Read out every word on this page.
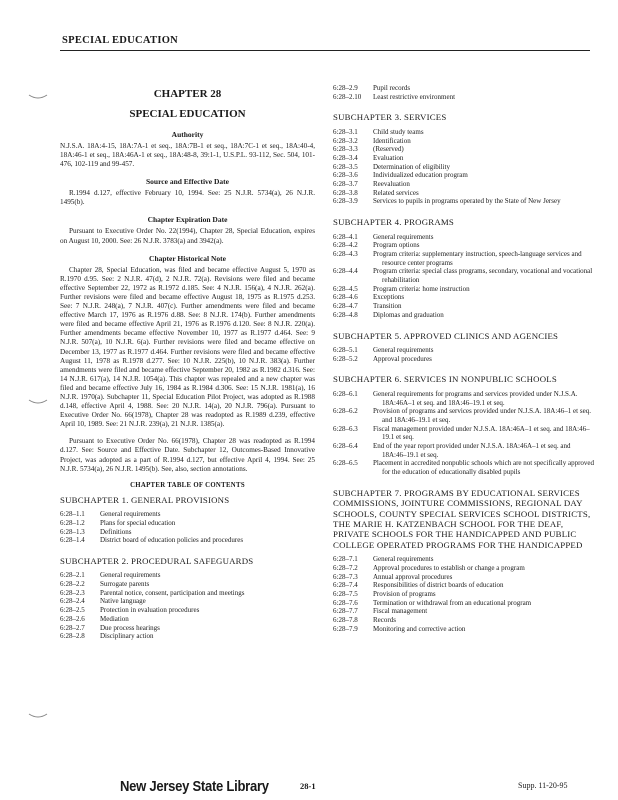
SPECIAL EDUCATION
CHAPTER 28
SPECIAL EDUCATION
Authority

N.J.S.A. 18A:4-15, 18A:7A-1 et seq., 18A:7B-1 et seq., 18A:7C-1 et seq., 18A:40-4, 18A:46-1 et seq., 18A:46A-1 et seq., 18A:48-8, 39:1-1, U.S.P.L. 93-112, Sec. 504, 101-476, 102-119 and 99-457.

Source and Effective Date

R.1994 d.127, effective February 10, 1994. See: 25 N.J.R. 5734(a), 26 N.J.R. 1495(b).

Chapter Expiration Date

Pursuant to Executive Order No. 22(1994), Chapter 28, Special Education, expires on August 10, 2000. See: 26 N.J.R. 3783(a) and 3942(a).

Chapter Historical Note

Chapter 28, Special Education, was filed and became effective August 5, 1970 as R.1970 d.95. See: 2 N.J.R. 47(d), 2 N.J.R. 72(a). Revisions were filed and became effective September 22, 1972 as R.1972 d.185. See: 4 N.J.R. 156(a), 4 N.J.R. 262(a). Further revisions were filed and became effective August 18, 1975 as R.1975 d.253. See: 7 N.J.R. 248(a), 7 N.J.R. 407(c). Further amendments were filed and became effective March 17, 1976 as R.1976 d.88. See: 8 N.J.R. 174(b). Further amendments were filed and became effective April 21, 1976 as R.1976 d.120. See: 8 N.J.R. 220(a). Further amendments became effective November 10, 1977 as R.1977 d.464. See: 9 N.J.R. 507(a), 10 N.J.R. 6(a). Further revisions were filed and became effective on December 13, 1977 as R.1977 d.464. Further revisions were filed and became effective August 11, 1978 as R.1978 d.277. See: 10 N.J.R. 225(b), 10 N.J.R. 383(a). Further amendments were filed and became effective September 20, 1982 as R.1982 d.316. See: 14 N.J.R. 617(a), 14 N.J.R. 1054(a). This chapter was repealed and a new chapter was filed and became effective July 16, 1984 as R.1984 d.306. See: 15 N.J.R. 1981(a), 16 N.J.R. 1970(a). Subchapter 11, Special Education Pilot Project, was adopted as R.1988 d.148, effective April 4, 1988. See: 20 N.J.R. 14(a), 20 N.J.R. 796(a). Pursuant to Executive Order No. 66(1978), Chapter 28 was readopted as R.1989 d.239, effective April 10, 1989. See: 21 N.J.R. 239(a), 21 N.J.R. 1385(a).

Pursuant to Executive Order No. 66(1978), Chapter 28 was readopted as R.1994 d.127. See: Source and Effective Date. Subchapter 12, Outcomes-Based Innovative Project, was adopted as a part of R.1994 d.127, but effective April 4, 1994. See: 25 N.J.R. 5734(a), 26 N.J.R. 1495(b). See, also, section annotations.

CHAPTER TABLE OF CONTENTS
SUBCHAPTER 1. GENERAL PROVISIONS
6:28–1.1	General requirements
6:28–1.2	Plans for special education
6:28–1.3	Definitions
6:28–1.4	District board of education policies and procedures
SUBCHAPTER 2. PROCEDURAL SAFEGUARDS
6:28–2.1	General requirements
6:28–2.2	Surrogate parents
6:28–2.3	Parental notice, consent, participation and meetings
6:28–2.4	Native language
6:28–2.5	Protection in evaluation procedures
6:28–2.6	Mediation
6:28–2.7	Due process hearings
6:28–2.8	Disciplinary action
6:28–2.9	Pupil records
6:28–2.10	Least restrictive environment
SUBCHAPTER 3. SERVICES
6:28–3.1	Child study teams
6:28–3.2	Identification
6:28–3.3	(Reserved)
6:28–3.4	Evaluation
6:28–3.5	Determination of eligibility
6:28–3.6	Individualized education program
6:28–3.7	Reevaluation
6:28–3.8	Related services
6:28–3.9	Services to pupils in programs operated by the State of New Jersey
SUBCHAPTER 4. PROGRAMS
6:28–4.1	General requirements
6:28–4.2	Program options
6:28–4.3	Program criteria: supplementary instruction, speech-language services and resource center programs
6:28–4.4	Program criteria: special class programs, secondary, vocational and vocational rehabilitation
6:28–4.5	Program criteria: home instruction
6:28–4.6	Exceptions
6:28–4.7	Transition
6:28–4.8	Diplomas and graduation
SUBCHAPTER 5. APPROVED CLINICS AND AGENCIES
6:28–5.1	General requirements
6:28–5.2	Approval procedures
SUBCHAPTER 6. SERVICES IN NONPUBLIC SCHOOLS
6:28–6.1	General requirements for programs and services provided under N.J.S.A. 18A:46A–1 et seq. and 18A:46–19.1 et seq.
6:28–6.2	Provision of programs and services provided under N.J.S.A. 18A:46–1 et seq. and 18A:46–19.1 et seq.
6:28–6.3	Fiscal management provided under N.J.S.A. 18A:46A–1 et seq. and 18A:46–19.1 et seq.
6:28–6.4	End of the year report provided under N.J.S.A. 18A:46A–1 et seq. and 18A:46–19.1 et seq.
6:28–6.5	Placement in accredited nonpublic schools which are not specifically approved for the education of educationally disabled pupils
SUBCHAPTER 7. PROGRAMS BY EDUCATIONAL SERVICES COMMISSIONS, JOINTURE COMMISSIONS, REGIONAL DAY SCHOOLS, COUNTY SPECIAL SERVICES SCHOOL DISTRICTS, THE MARIE H. KATZENBACH SCHOOL FOR THE DEAF, PRIVATE SCHOOLS FOR THE HANDICAPPED AND PUBLIC COLLEGE OPERATED PROGRAMS FOR THE HANDICAPPED
6:28–7.1	General requirements
6:28–7.2	Approval procedures to establish or change a program
6:28–7.3	Annual approval procedures
6:28–7.4	Responsibilities of district boards of education
6:28–7.5	Provision of programs
6:28–7.6	Termination or withdrawal from an educational program
6:28–7.7	Fiscal management
6:28–7.8	Records
6:28–7.9	Monitoring and corrective action
New Jersey State Library	28-1	Supp. 11-20-95
